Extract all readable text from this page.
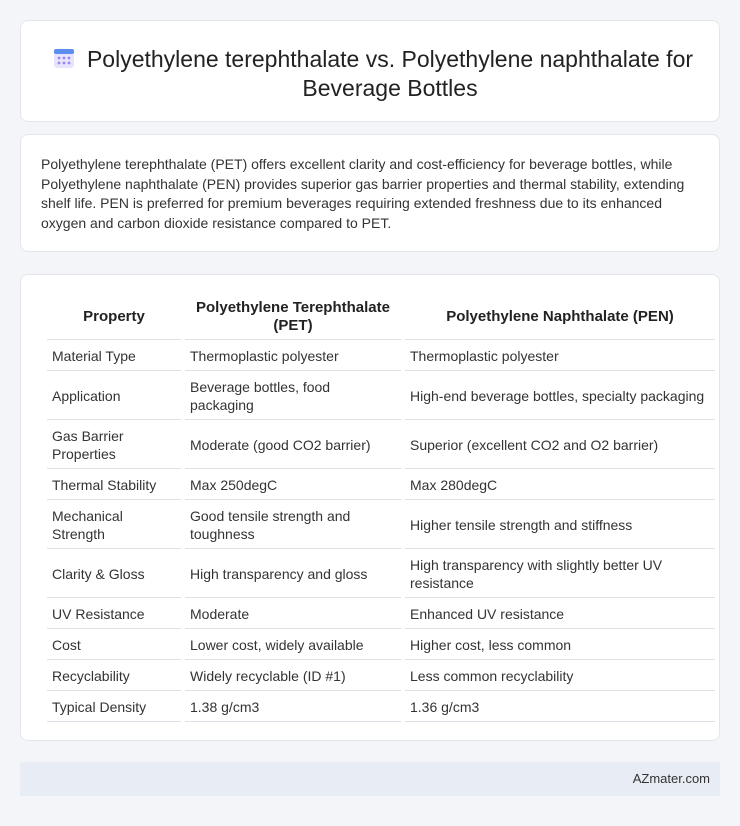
Polyethylene terephthalate vs. Polyethylene naphthalate for Beverage Bottles

Polyethylene terephthalate (PET) offers excellent clarity and cost-efficiency for beverage bottles, while Polyethylene naphthalate (PEN) provides superior gas barrier properties and thermal stability, extending shelf life. PEN is preferred for premium beverages requiring extended freshness due to its enhanced oxygen and carbon dioxide resistance compared to PET.

Property	Polyethylene Terephthalate (PET)	Polyethylene Naphthalate (PEN)
Material Type	Thermoplastic polyester	Thermoplastic polyester
Application	Beverage bottles, food packaging	High-end beverage bottles, specialty packaging
Gas Barrier Properties	Moderate (good CO2 barrier)	Superior (excellent CO2 and O2 barrier)
Thermal Stability	Max 250degC	Max 280degC
Mechanical Strength	Good tensile strength and toughness	Higher tensile strength and stiffness
Clarity & Gloss	High transparency and gloss	High transparency with slightly better UV resistance
UV Resistance	Moderate	Enhanced UV resistance
Cost	Lower cost, widely available	Higher cost, less common
Recyclability	Widely recyclable (ID #1)	Less common recyclability
Typical Density	1.38 g/cm3	1.36 g/cm3
AZmater.com
